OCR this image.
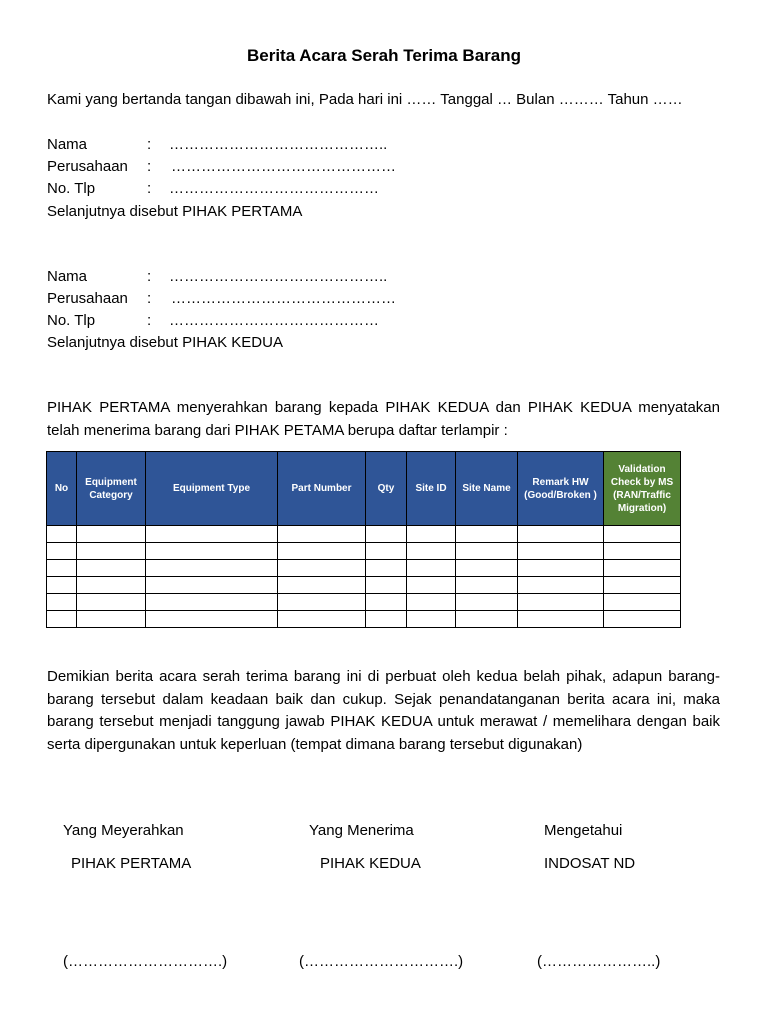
Berita Acara Serah Terima Barang
Kami yang bertanda tangan dibawah ini, Pada hari ini …… Tanggal … Bulan ……… Tahun ……
Nama	: ……………………………………..
Perusahaan : ………………………………………
No. Tlp	: ……………………………………
Selanjutnya disebut PIHAK PERTAMA
Nama	: ……………………………………..
Perusahaan : ………………………………………
No. Tlp	: ……………………………………
Selanjutnya disebut PIHAK KEDUA
PIHAK PERTAMA menyerahkan barang kepada PIHAK KEDUA dan PIHAK KEDUA menyatakan telah menerima barang dari PIHAK PETAMA berupa daftar terlampir :
No	Equipment Category	Equipment Type	Part Number	Qty	Site ID	Site Name	Remark HW (Good/Broken )	Validation Check by MS (RAN/Traffic Migration)

Demikian berita acara serah terima barang ini di perbuat oleh kedua belah pihak, adapun barang-barang tersebut dalam keadaan baik dan cukup. Sejak penandatanganan berita acara ini, maka barang tersebut menjadi tanggung jawab PIHAK KEDUA untuk merawat / memelihara dengan baik serta dipergunakan untuk keperluan (tempat dimana barang tersebut digunakan)
Yang Meyerahkan
PIHAK PERTAMA
(………………………….)
Yang Menerima
PIHAK KEDUA
(………………………….)
Mengetahui
INDOSAT ND
(…………………..)
